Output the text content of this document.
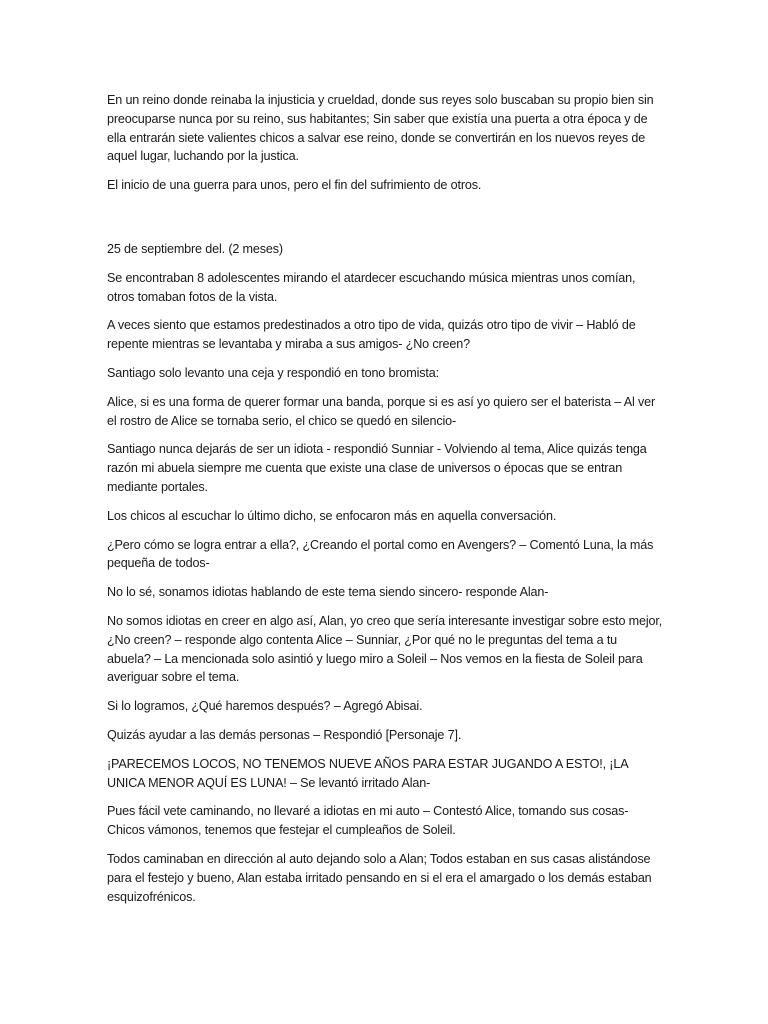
En un reino donde reinaba la injusticia y crueldad, donde sus reyes solo buscaban su propio bien sin preocuparse nunca por su reino, sus habitantes; Sin saber que existía una puerta a otra época y de ella entrarán siete valientes chicos a salvar ese reino, donde se convertirán en los nuevos reyes de aquel lugar, luchando por la justica.

El inicio de una guerra para unos, pero el fin del sufrimiento de otros.

25 de septiembre del. (2 meses)

Se encontraban 8 adolescentes mirando el atardecer escuchando música mientras unos comían, otros tomaban fotos de la vista.

A veces siento que estamos predestinados a otro tipo de vida, quizás otro tipo de vivir – Habló de repente mientras se levantaba y miraba a sus amigos- ¿No creen?

Santiago solo levanto una ceja y respondió en tono bromista:

Alice, si es una forma de querer formar una banda, porque si es así yo quiero ser el baterista – Al ver el rostro de Alice se tornaba serio, el chico se quedó en silencio-

Santiago nunca dejarás de ser un idiota - respondió Sunniar - Volviendo al tema, Alice quizás tenga razón mi abuela siempre me cuenta que existe una clase de universos o épocas que se entran mediante portales.

Los chicos al escuchar lo último dicho, se enfocaron más en aquella conversación.

¿Pero cómo se logra entrar a ella?, ¿Creando el portal como en Avengers? – Comentó Luna, la más pequeña de todos-

No lo sé, sonamos idiotas hablando de este tema siendo sincero- responde Alan-

No somos idiotas en creer en algo así, Alan, yo creo que sería interesante investigar sobre esto mejor, ¿No creen? – responde algo contenta Alice – Sunniar, ¿Por qué no le preguntas del tema a tu abuela? – La mencionada solo asintió y luego miro a Soleil – Nos vemos en la fiesta de Soleil para averiguar sobre el tema.

Si lo logramos, ¿Qué haremos después? – Agregó Abisai.

Quizás ayudar a las demás personas – Respondió [Personaje 7].

¡PARECEMOS LOCOS, NO TENEMOS NUEVE AÑOS PARA ESTAR JUGANDO A ESTO!, ¡LA UNICA MENOR AQUÍ ES LUNA! – Se levantó irritado Alan-

Pues fácil vete caminando, no llevaré a idiotas en mi auto – Contestó Alice, tomando sus cosas- Chicos vámonos, tenemos que festejar el cumpleaños de Soleil.

Todos caminaban en dirección al auto dejando solo a Alan; Todos estaban en sus casas alistándose para el festejo y bueno, Alan estaba irritado pensando en si el era el amargado o los demás estaban esquizofrénicos.
